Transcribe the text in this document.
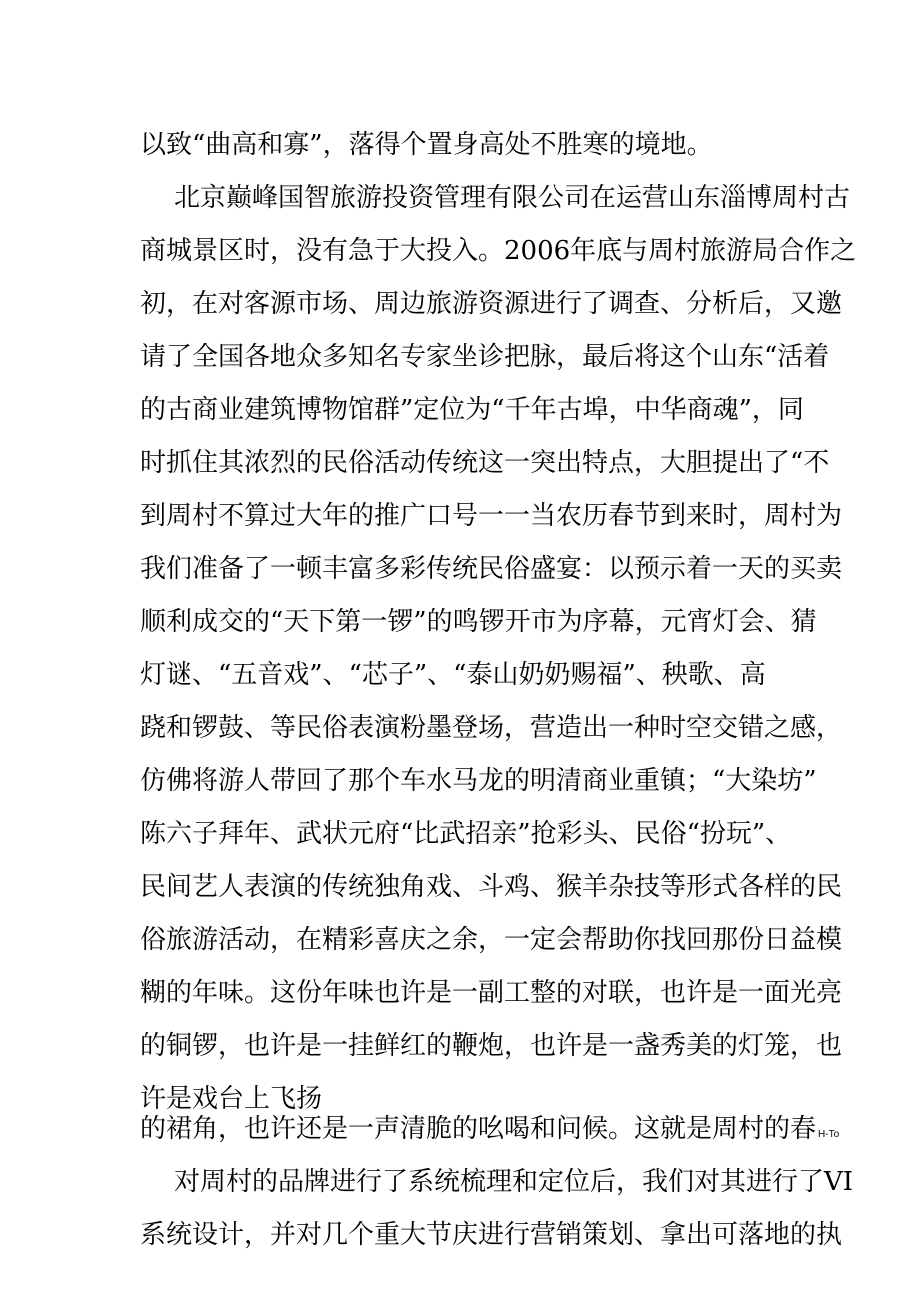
以致“曲高和寡”，落得个置身高处不胜寒的境地。
北京巅峰国智旅游投资管理有限公司在运营山东淄博周村古
商城景区时，没有急于大投入。2006年底与周村旅游局合作之
初，在对客源市场、周边旅游资源进行了调查、分析后，又邀
请了全国各地众多知名专家坐诊把脉，最后将这个山东“活着
的古商业建筑博物馆群”定位为“千年古埠，中华商魂”，同
时抓住其浓烈的民俗活动传统这一突出特点，大胆提出了“不
到周村不算过大年的推广口号一一当农历春节到来时，周村为
我们准备了一顿丰富多彩传统民俗盛宴：以预示着一天的买卖
顺利成交的“天下第一锣”的鸣锣开市为序幕，元宵灯会、猜
灯谜、“五音戏”、“芯子”、“泰山奶奶赐福”、秧歌、高
跷和锣鼓、等民俗表演粉墨登场，营造出一种时空交错之感，
仿佛将游人带回了那个车水马龙的明清商业重镇；“大染坊”
陈六子拜年、武状元府“比武招亲”抢彩头、民俗“扮玩”、
民间艺人表演的传统独角戏、斗鸡、猴羊杂技等形式各样的民
俗旅游活动，在精彩喜庆之余，一定会帮助你找回那份日益模
糊的年味。这份年味也许是一副工整的对联，也许是一面光亮
的铜锣，也许是一挂鲜红的鞭炮，也许是一盏秀美的灯笼，也
许是戏台上飞扬
的裙角，也许还是一声清脆的吆喝和问候。这就是周村的春 H-To
对周村的品牌进行了系统梳理和定位后，我们对其进行了VI
系统设计，并对几个重大节庆进行营销策划、拿出可落地的执
